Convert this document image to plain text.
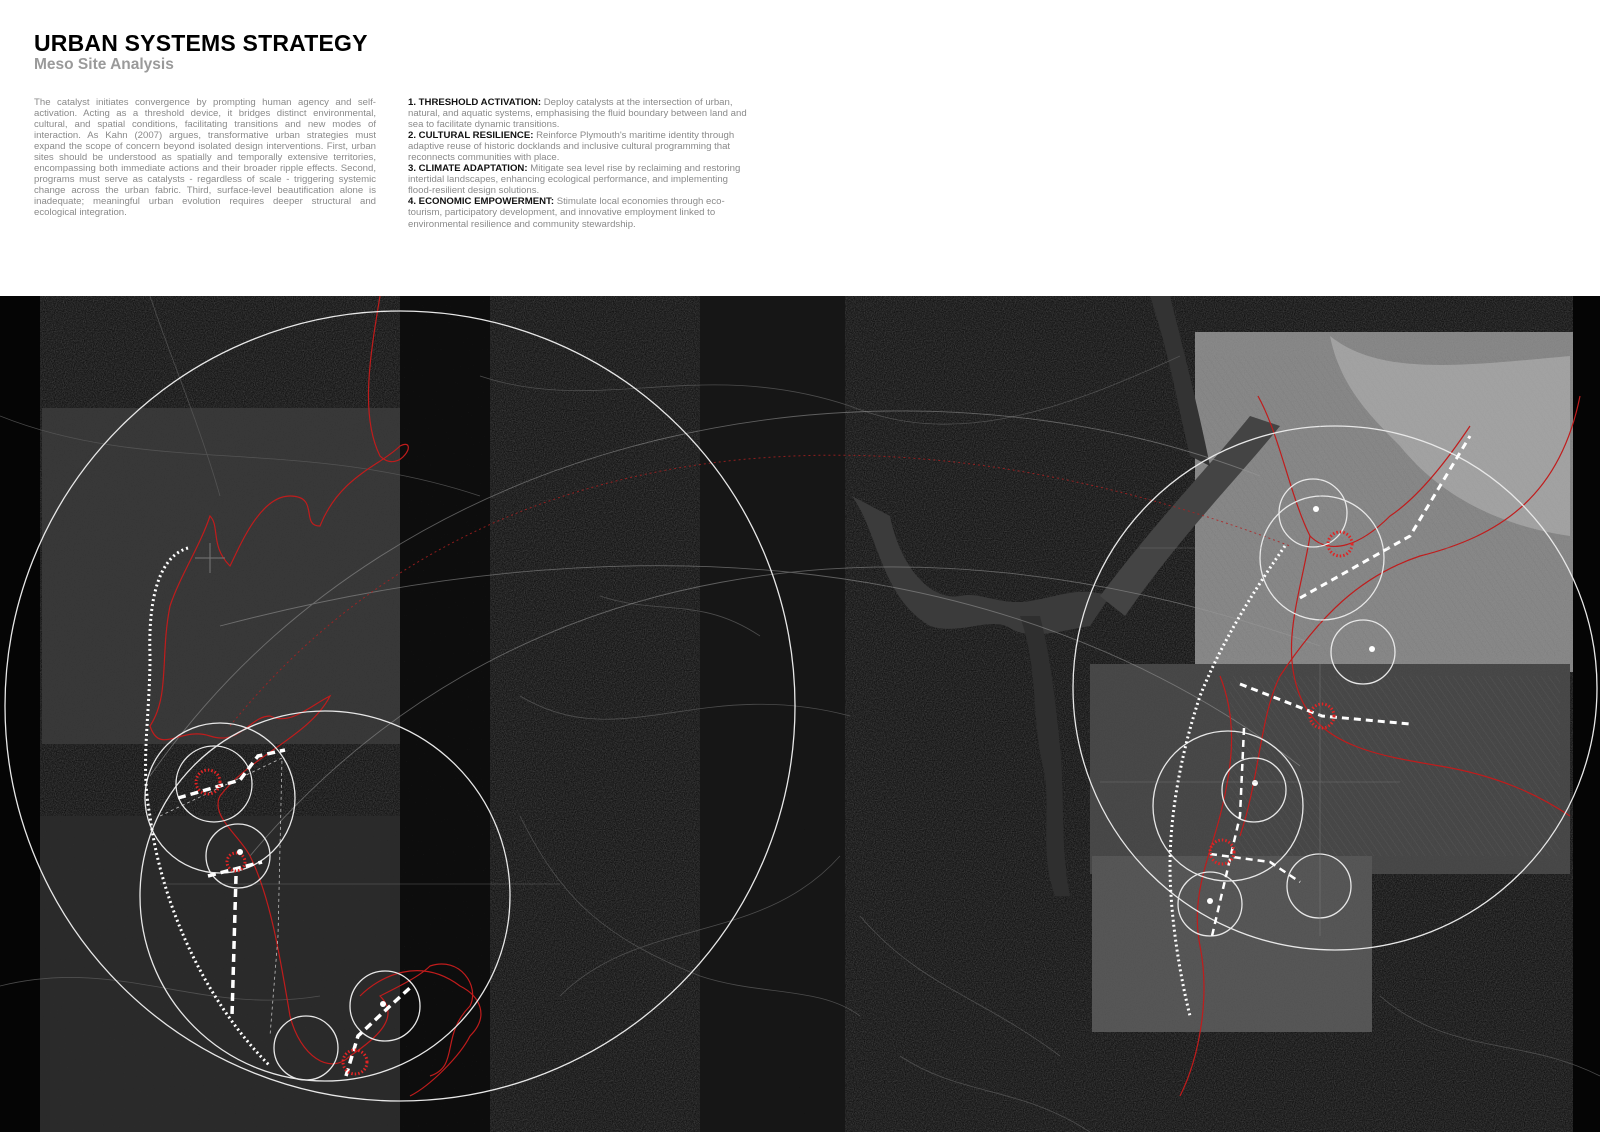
URBAN SYSTEMS STRATEGY
Meso Site Analysis
The catalyst initiates convergence by prompting human agency and self-activation. Acting as a threshold device, it bridges distinct environmental, cultural, and spatial conditions, facilitating transitions and new modes of interaction. As Kahn (2007) argues, transformative urban strategies must expand the scope of concern beyond isolated design interventions. First, urban sites should be understood as spatially and temporally extensive territories, encompassing both immediate actions and their broader ripple effects. Second, programs must serve as catalysts - regardless of scale - triggering systemic change across the urban fabric. Third, surface-level beautification alone is inadequate; meaningful urban evolution requires deeper structural and ecological integration.

1. THRESHOLD ACTIVATION: Deploy catalysts at the intersection of urban, natural, and aquatic systems, emphasising the fluid boundary between land and sea to facilitate dynamic transitions.

2. CULTURAL RESILIENCE: Reinforce Plymouth's maritime identity through adaptive reuse of historic docklands and inclusive cultural programming that reconnects communities with place.

3. CLIMATE ADAPTATION: Mitigate sea level rise by reclaiming and restoring intertidal landscapes, enhancing ecological performance, and implementing flood-resilient design solutions.

4. ECONOMIC EMPOWERMENT: Stimulate local economies through eco-tourism, participatory development, and innovative employment linked to environmental resilience and community stewardship.
